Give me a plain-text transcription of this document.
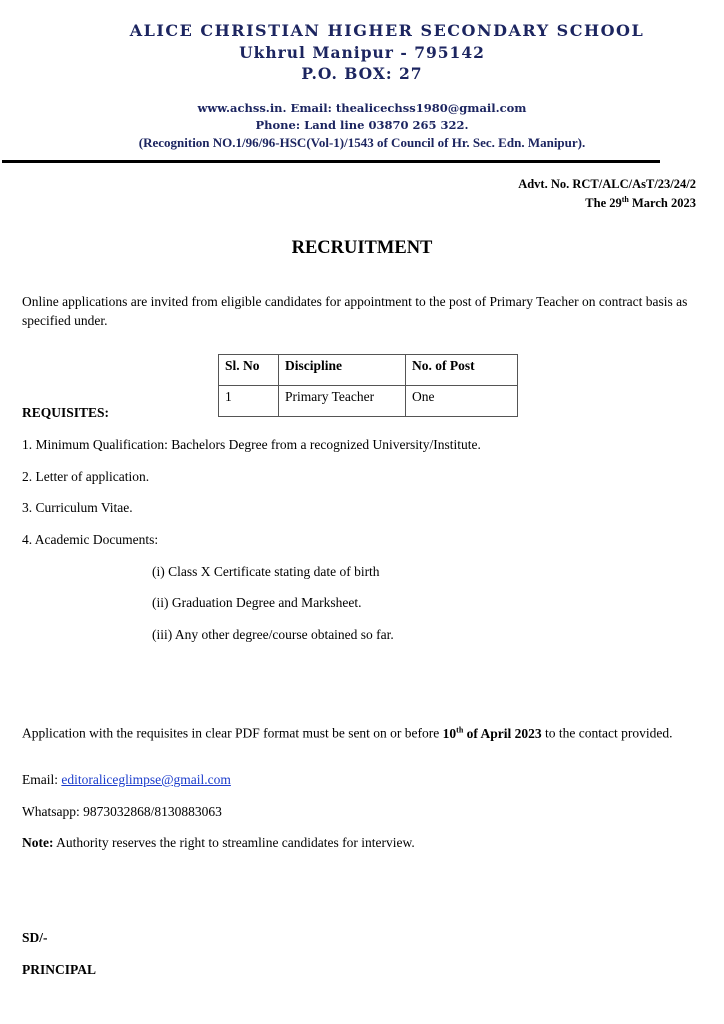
ALICE CHRISTIAN HIGHER SECONDARY SCHOOL

Ukhrul Manipur - 795142

P.O. BOX: 27

www.achss.in. Email: thealicechss1980@gmail.com

Phone: Land line 03870 265 322.

(Recognition NO.1/96/96-HSC(Vol-1)/1543 of Council of Hr. Sec. Edn. Manipur).

Advt. No. RCT/ALC/AsT/23/24/2
The 29th March 2023
RECRUITMENT
Online applications are invited from eligible candidates for appointment to the post of Primary Teacher on contract basis as specified under.
Sl. No	Discipline	No. of Post
1	Primary Teacher	One
REQUISITES:
1. Minimum Qualification: Bachelors Degree from a recognized University/Institute.
2. Letter of application.
3. Curriculum Vitae.
4. Academic Documents:
(i) Class X Certificate stating date of birth
(ii) Graduation Degree and Marksheet.
(iii) Any other degree/course obtained so far.
Application with the requisites in clear PDF format must be sent on or before 10th of April 2023 to the contact provided.
Email: editoraliceglimpse@gmail.com
Whatsapp: 9873032868/8130883063
Note: Authority reserves the right to streamline candidates for interview.
SD/-
PRINCIPAL
